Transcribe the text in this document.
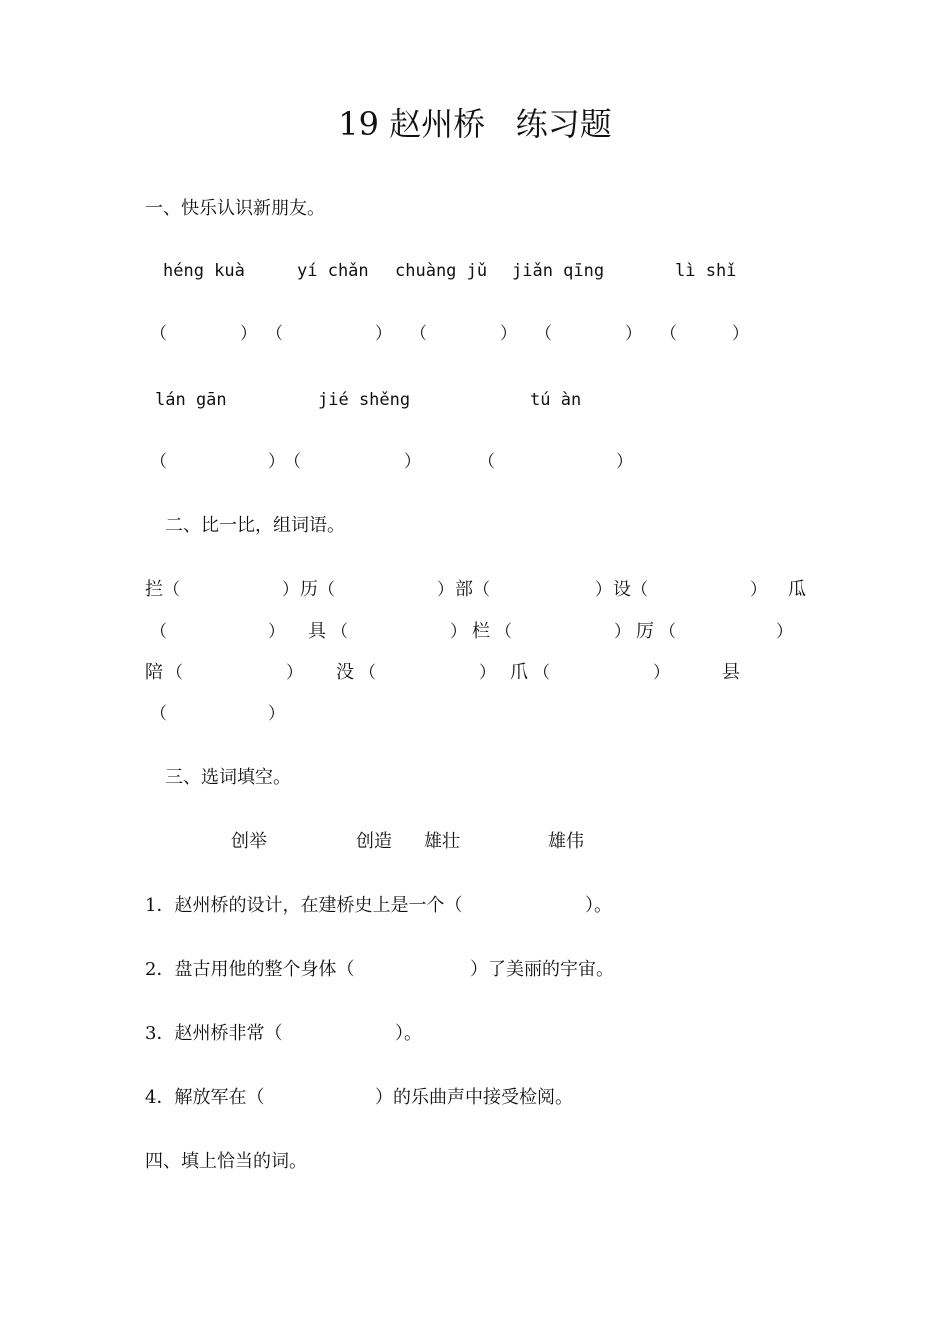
19 赵州桥   练习题
一、快乐认识新朋友。
héng kuà	yí chǎn chuàng jǔ jiǎn qīng	lì shǐ
（	） （	） （	） （	） （	）
lán gān	jié shěng	tú àn
（	） （	）	（	）
二、比一比，组词语。
拦 （	） 历 （	） 部 （	） 设 （	） 瓜
（	） 具 （	） 栏 （	） 厉 （	）
陪 （	） 没 （	） 爪 （	）	县
（	）
三、选词填空。
创举	创造 雄壮	雄伟
1．赵州桥的设计，在建桥史上是一个（	）。
2．盘古用他的整个身体（	）了美丽的宇宙。
3．赵州桥非常（	）。
4．解放军在（	）的乐曲声中接受检阅。
四、填上恰当的词。
